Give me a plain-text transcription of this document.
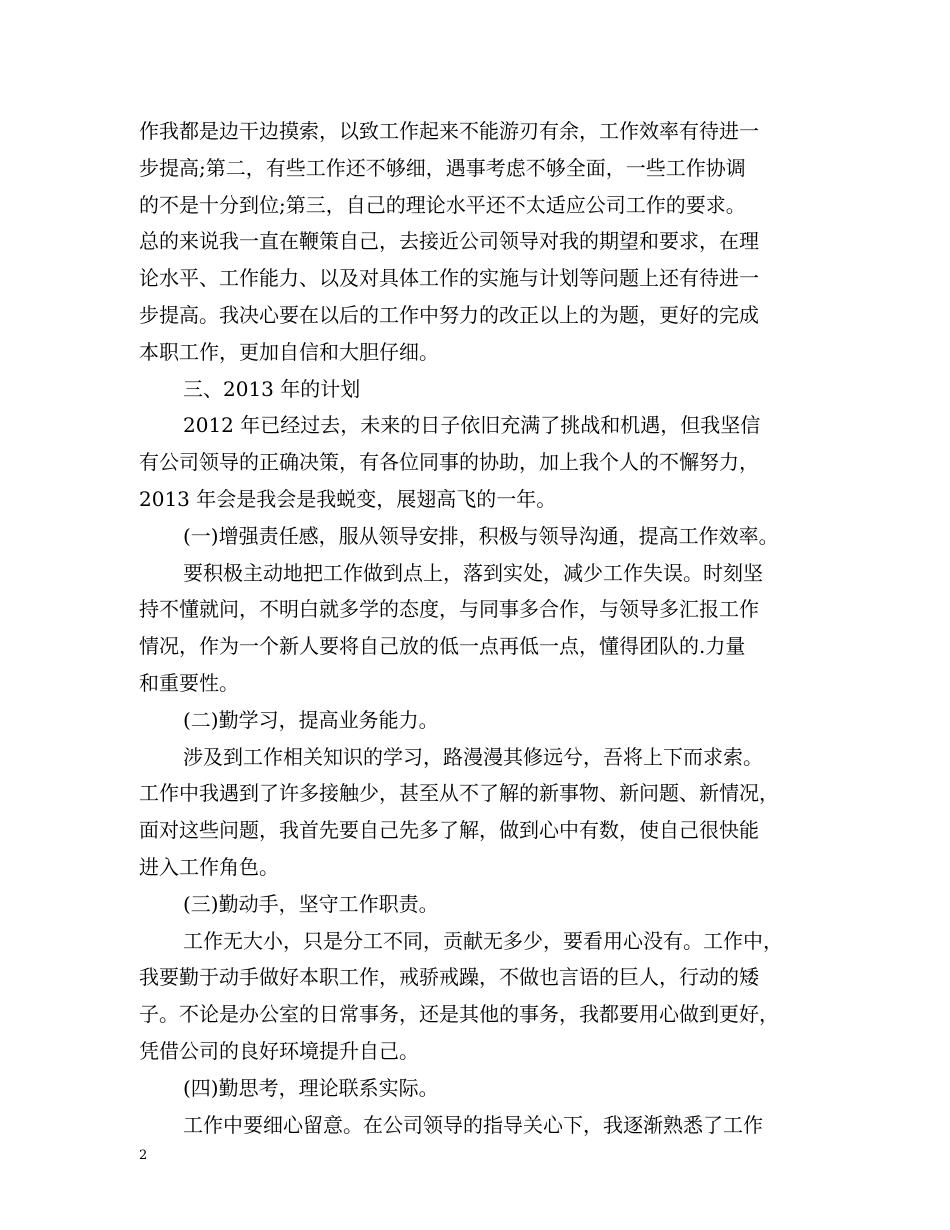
作我都是边干边摸索，以致工作起来不能游刃有余，工作效率有待进一
步提高;第二，有些工作还不够细，遇事考虑不够全面，一些工作协调
的不是十分到位;第三，自己的理论水平还不太适应公司工作的要求。
总的来说我一直在鞭策自己，去接近公司领导对我的期望和要求，在理
论水平、工作能力、以及对具体工作的实施与计划等问题上还有待进一
步提高。我决心要在以后的工作中努力的改正以上的为题，更好的完成
本职工作，更加自信和大胆仔细。
三、2013 年的计划
2012 年已经过去，未来的日子依旧充满了挑战和机遇，但我坚信
有公司领导的正确决策，有各位同事的协助，加上我个人的不懈努力，
2013 年会是我会是我蜕变，展翅高飞的一年。
(一)增强责任感，服从领导安排，积极与领导沟通，提高工作效率。
要积极主动地把工作做到点上，落到实处，减少工作失误。时刻坚
持不懂就问，不明白就多学的态度，与同事多合作，与领导多汇报工作
情况，作为一个新人要将自己放的低一点再低一点，懂得团队的.力量
和重要性。
(二)勤学习，提高业务能力。
涉及到工作相关知识的学习，路漫漫其修远兮，吾将上下而求索。
工作中我遇到了许多接触少，甚至从不了解的新事物、新问题、新情况，
面对这些问题，我首先要自己先多了解，做到心中有数，使自己很快能
进入工作角色。
(三)勤动手，坚守工作职责。
工作无大小，只是分工不同，贡献无多少，要看用心没有。工作中，
我要勤于动手做好本职工作，戒骄戒躁，不做也言语的巨人，行动的矮
子。不论是办公室的日常事务，还是其他的事务，我都要用心做到更好，
凭借公司的良好环境提升自己。
(四)勤思考，理论联系实际。
工作中要细心留意。在公司领导的指导关心下，我逐渐熟悉了工作
2
